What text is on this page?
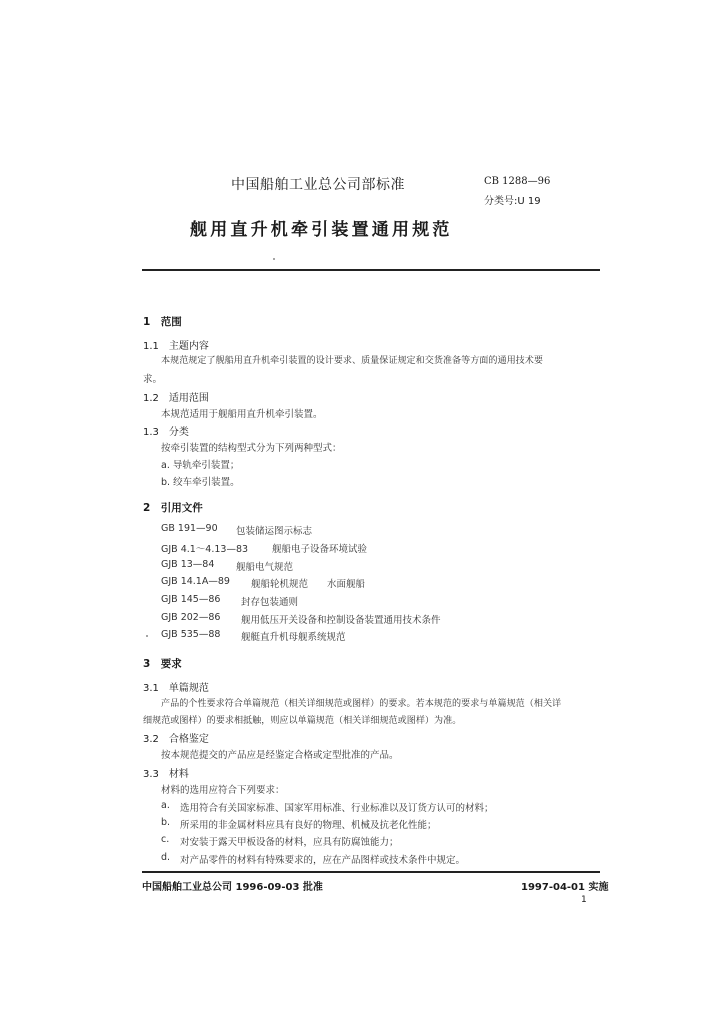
中国船舶工业总公司部标准	CB 1288—96
分类号:U 19
舰用直升机牵引装置通用规范
1　范围
1.1　主题内容
本规范规定了舰船用直升机牵引装置的设计要求、质量保证规定和交货准备等方面的通用技术要
求。
1.2　适用范围
本规范适用于舰船用直升机牵引装置。
1.3　分类
按牵引装置的结构型式分为下列两种型式：
a. 导轨牵引装置；
b. 绞车牵引装置。
2　引用文件
GB 191—90 包装储运图示标志
GJB 4.1～4.13—83	舰船电子设备环境试验
GJB 13—84 舰船电气规范
GJB 14.1A—89 舰船轮机规范　　水面舰船
GJB 145—86 封存包装通则
GJB 202—86 舰用低压开关设备和控制设备装置通用技术条件
GJB 535—88 舰艇直升机母舰系统规范
3　要求
3.1　单篇规范
产品的个性要求符合单篇规范（相关详细规范或图样）的要求。若本规范的要求与单篇规范（相关详
细规范或图样）的要求相抵触，则应以单篇规范（相关详细规范或图样）为准。
3.2　合格鉴定
按本规范提交的产品应是经鉴定合格或定型批准的产品。
3.3　材料
材料的选用应符合下列要求：
a. 选用符合有关国家标准、国家军用标准、行业标准以及订货方认可的材料；
b. 所采用的非金属材料应具有良好的物理、机械及抗老化性能；
c. 对安装于露天甲板设备的材料，应具有防腐蚀能力；
d. 对产品零件的材料有特殊要求的，应在产品图样或技术条件中规定。
中国船舶工业总公司 1996-09-03 批准	1997-04-01 实施
1
